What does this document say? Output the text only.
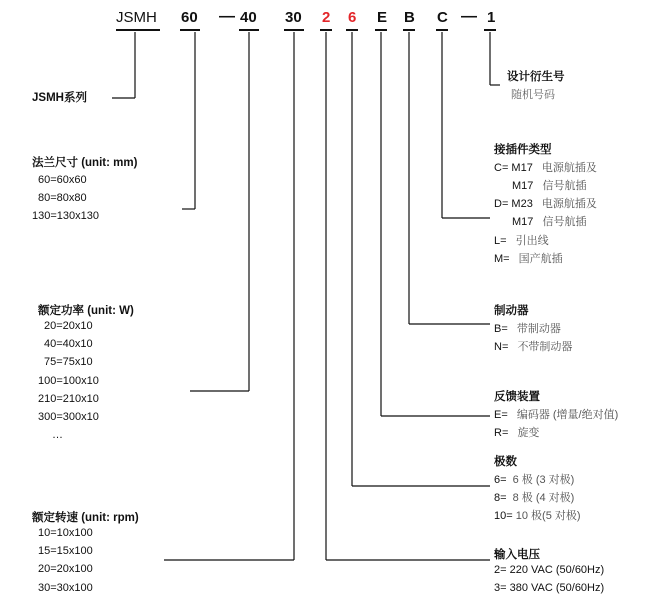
JSMH 60 — 40 30 2 6 E B C — 1
JSMH系列
法兰尺寸 (unit: mm)
60=60x60
80=80x80
130=130x130
额定功率 (unit: W)
20=20x10
40=40x10
75=75x10
100=100x10
210=210x10
300=300x10
…
额定转速 (unit: rpm)
10=10x100
15=15x100
20=20x100
30=30x100
设计衍生号
随机号码
接插件类型
C= M17 电源航插及
M17 信号航插
D= M23 电源航插及
M17 信号航插
L= 引出线
M= 国产航插
制动器
B= 带制动器
N= 不带制动器
反馈装置
E= 编码器 (增量/绝对值)
R= 旋变
极数
6= 6 极 (3 对极)
8= 8 极 (4 对极)
10= 10 极(5 对极)
输入电压
2= 220 VAC (50/60Hz)
3= 380 VAC (50/60Hz)
